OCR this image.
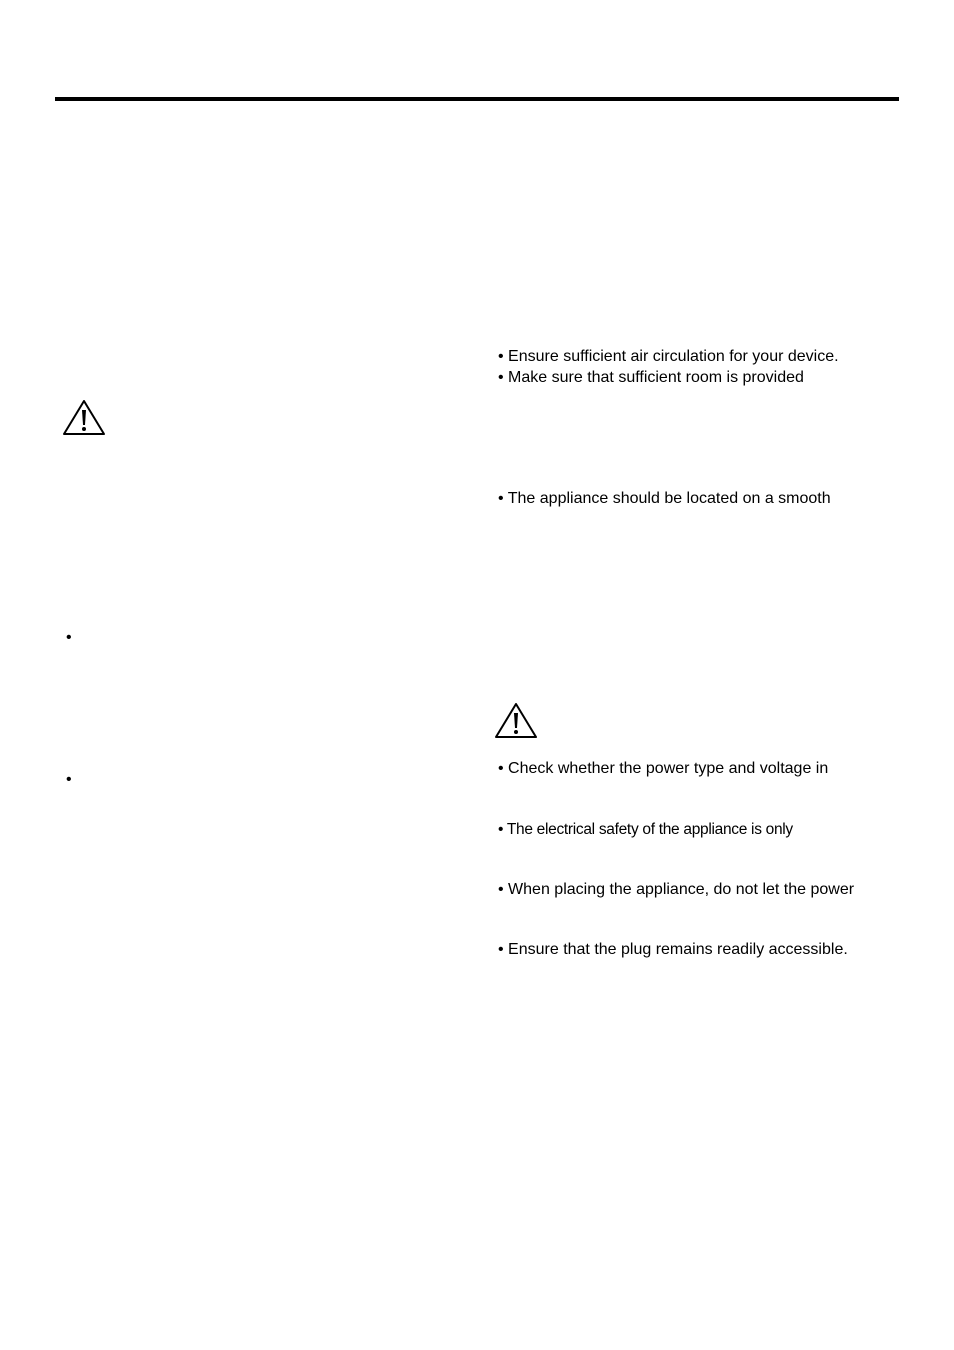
•
•
• Ensure sufficient air circulation for your device.
• Make sure that sufficient room is provided
• The appliance should be located on a smooth
• Check whether the power type and voltage in
• The electrical safety of the appliance is only
• When placing the appliance, do not let the power
• Ensure that the plug remains readily accessible.
